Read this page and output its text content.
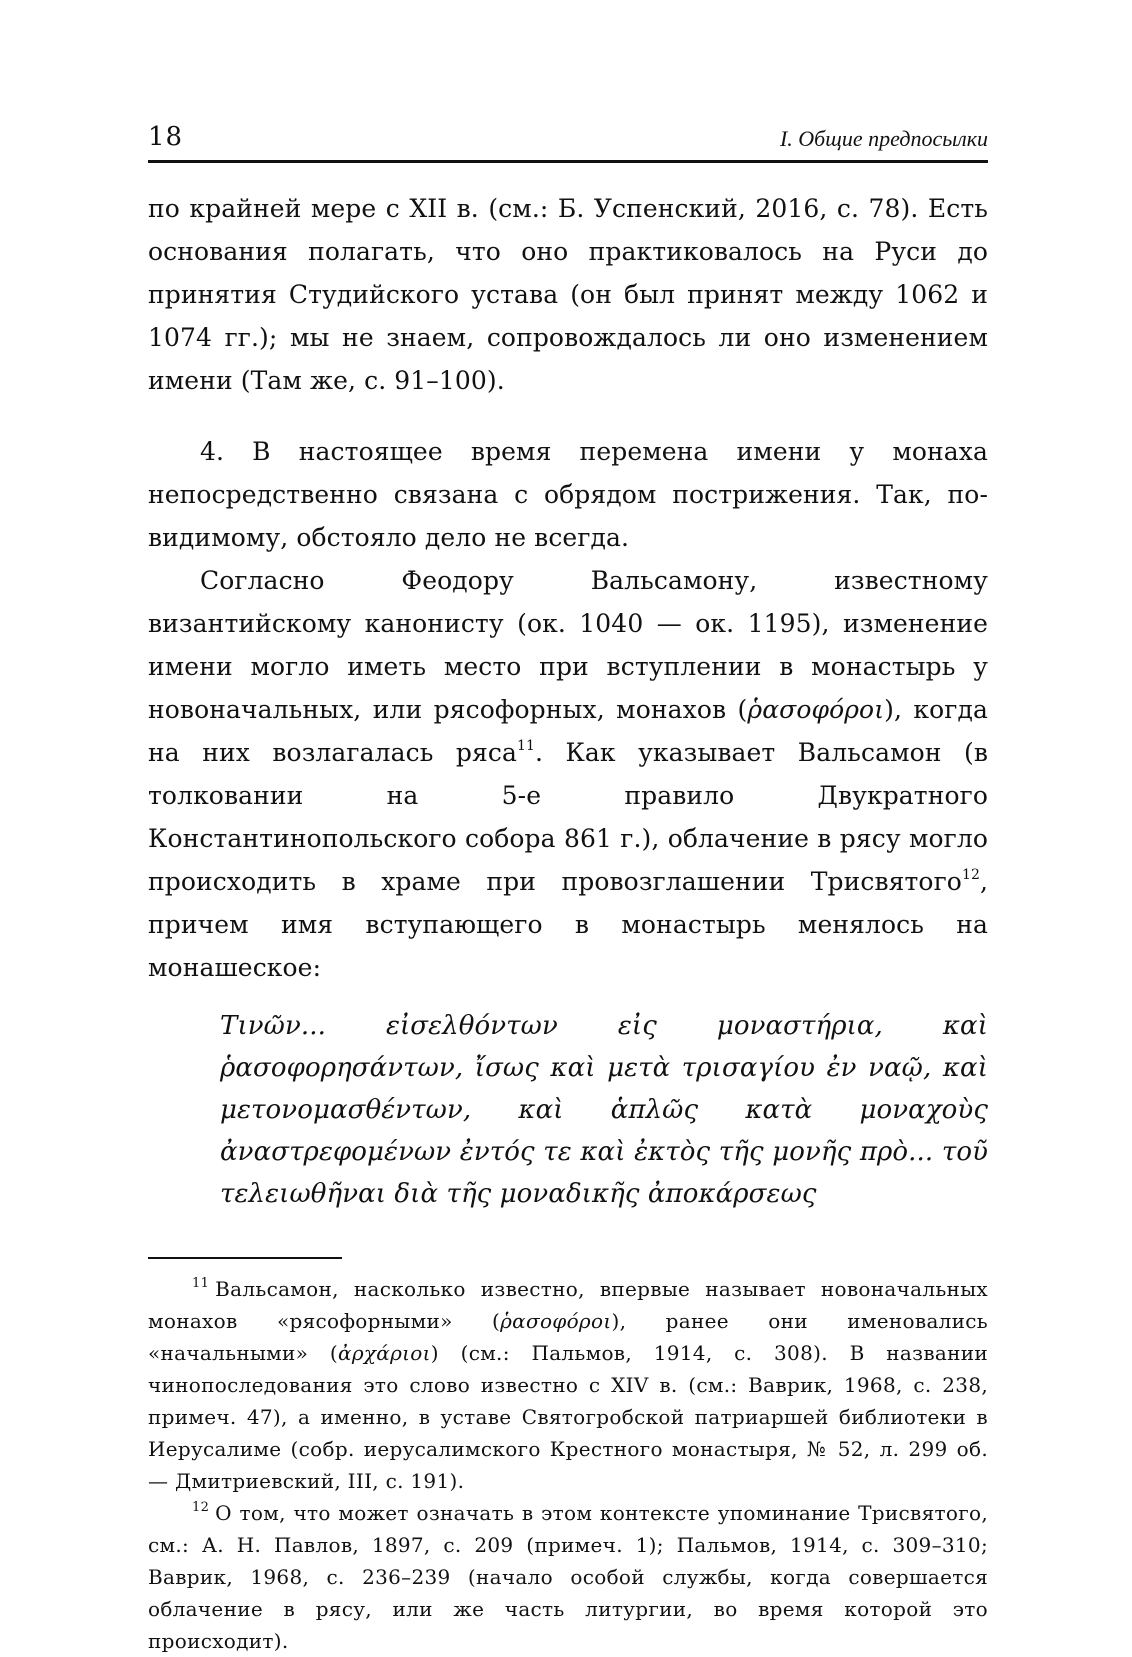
18	I. Общие предпосылки

по крайней мере с XII в. (см.: Б. Успенский, 2016, с. 78). Есть основания полагать, что оно практиковалось на Руси до принятия Студийского устава (он был принят между 1062 и 1074 гг.); мы не знаем, сопровождалось ли оно изменением имени (Там же, с. 91–100).

4. В настоящее время перемена имени у монаха непосредственно связана с обрядом пострижения. Так, по-видимому, обстояло дело не всегда.

Согласно Феодору Вальсамону, известному византийскому канонисту (ок. 1040 — ок. 1195), изменение имени могло иметь место при вступлении в монастырь у новоначальных, или рясофорных, монахов (ῥασοφόροι), когда на них возлагалась ряса$^{11}$. Как указывает Вальсамон (в толковании на 5-е правило Двукратного Константинопольского собора 861 г.), облачение в рясу могло происходить в храме при провозглашении Трисвятого$^{12}$, причем имя вступающего в монастырь менялось на монашеское:

Τινῶν... εἰσελθόντων εἰς μοναστήρια, καὶ ῥασοφορησάντων, ἴσως καὶ μετὰ τρισαγίου ἐν ναῷ, καὶ μετονομασθέντων, καὶ ἁπλῶς κατὰ μοναχοὺς ἀναστρεφομένων ἐντός τε καὶ ἐκτὸς τῆς μονῆς πρὸ... τοῦ τελειωθῆναι διὰ τῆς μοναδικῆς ἀποκάρσεως

$^{11}$ Вальсамон, насколько известно, впервые называет новоначальных монахов «рясофорными» (ῥασοφόροι), ранее они именовались «начальными» (ἀρχάριοι) (см.: Пальмов, 1914, с. 308). В названии чинопоследования это слово известно с XIV в. (см.: Ваврик, 1968, с. 238, примеч. 47), а именно, в уставе Святогробской патриаршей библиотеки в Иерусалиме (собр. иерусалимского Крестного монастыря, № 52, л. 299 об. — Дмитриевский, III, с. 191).

$^{12}$ О том, что может означать в этом контексте упоминание Трисвятого, см.: А. Н. Павлов, 1897, с. 209 (примеч. 1); Пальмов, 1914, с. 309–310; Ваврик, 1968, с. 236–239 (начало особой службы, когда совершается облачение в рясу, или же часть литургии, во время которой это происходит).
